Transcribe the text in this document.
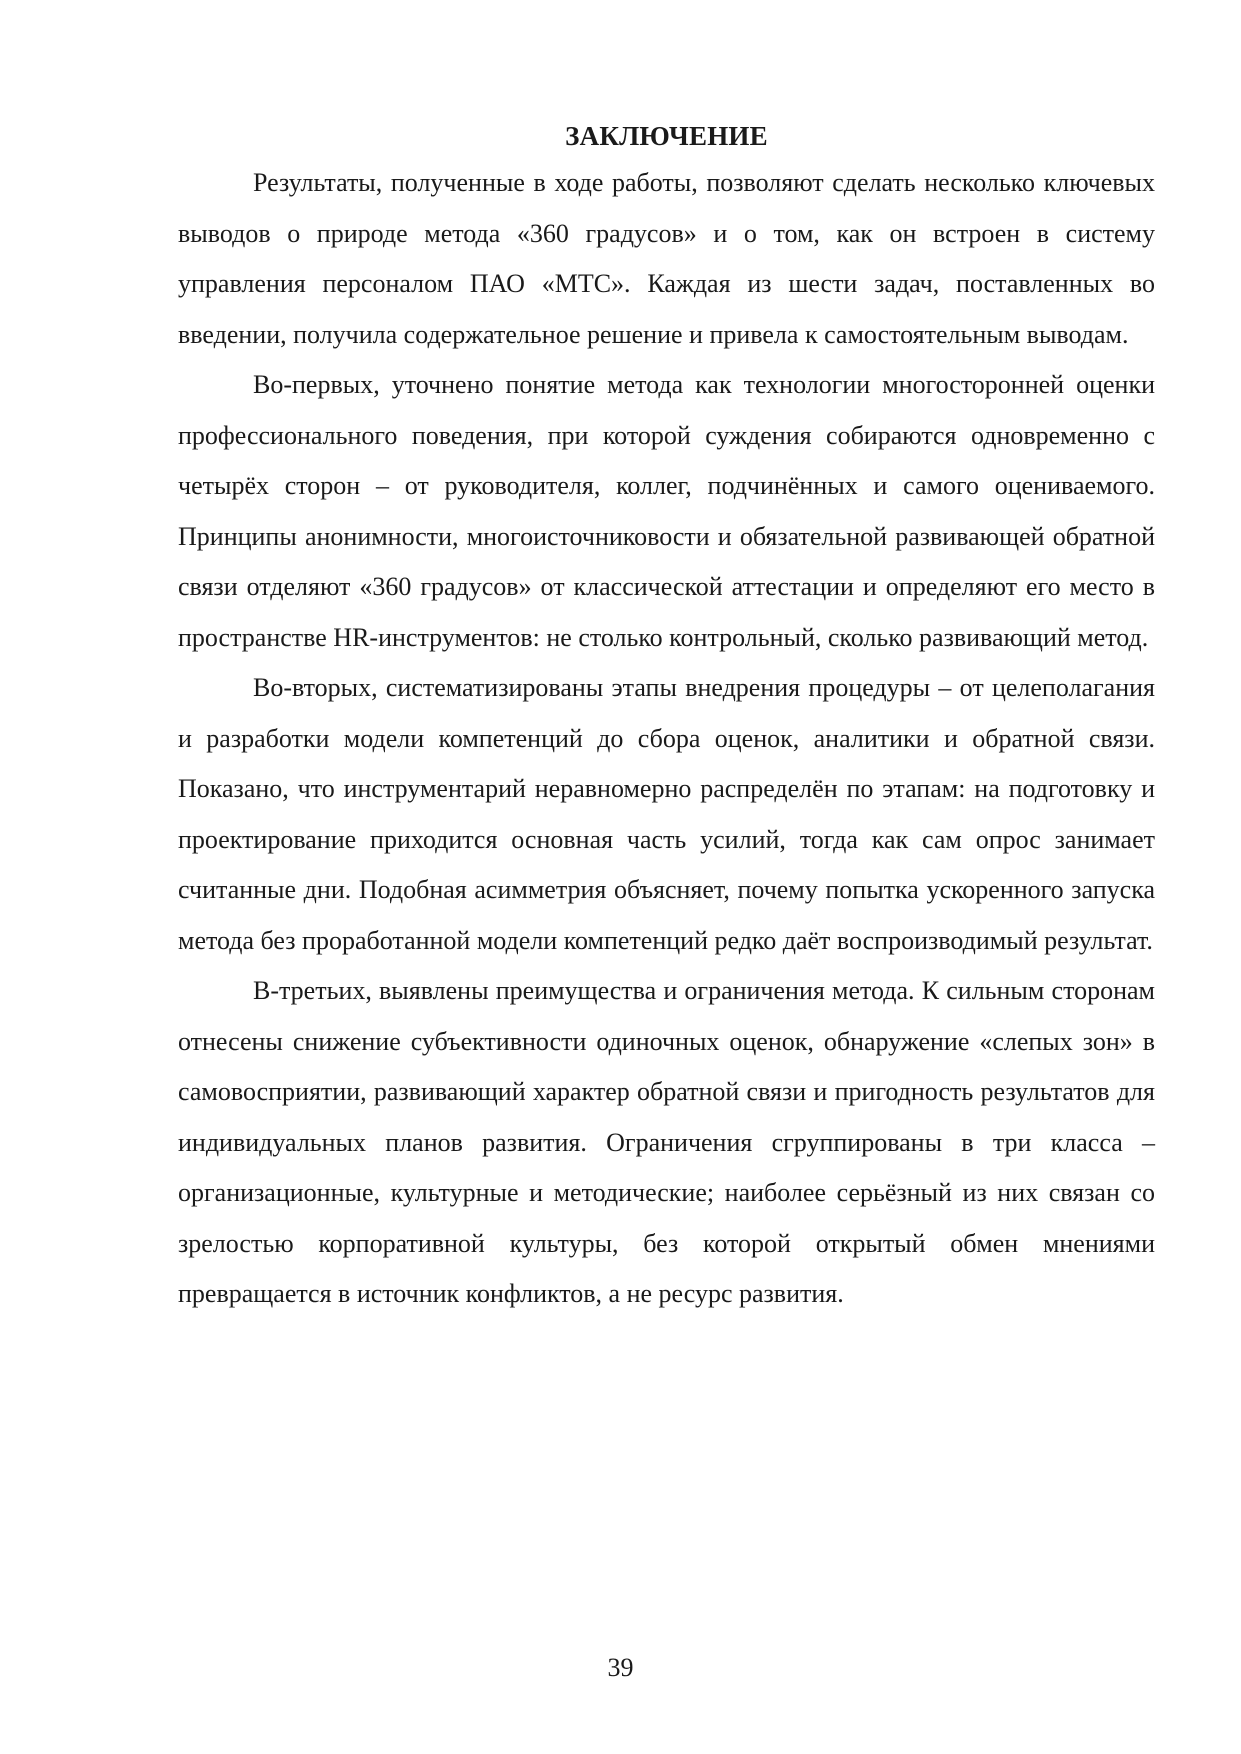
ЗАКЛЮЧЕНИЕ

Результаты, полученные в ходе работы, позволяют сделать несколько ключевых выводов о природе метода «360 градусов» и о том, как он встроен в систему управления персоналом ПАО «МТС». Каждая из шести задач, поставленных во введении, получила содержательное решение и привела к самостоятельным выводам.

Во-первых, уточнено понятие метода как технологии многосторонней оценки профессионального поведения, при которой суждения собираются одновременно с четырёх сторон – от руководителя, коллег, подчинённых и самого оцениваемого. Принципы анонимности, многоисточниковости и обязательной развивающей обратной связи отделяют «360 градусов» от классической аттестации и определяют его место в пространстве HR-инструментов: не столько контрольный, сколько развивающий метод.

Во-вторых, систематизированы этапы внедрения процедуры – от целеполагания и разработки модели компетенций до сбора оценок, аналитики и обратной связи. Показано, что инструментарий неравномерно распределён по этапам: на подготовку и проектирование приходится основная часть усилий, тогда как сам опрос занимает считанные дни. Подобная асимметрия объясняет, почему попытка ускоренного запуска метода без проработанной модели компетенций редко даёт воспроизводимый результат.

В-третьих, выявлены преимущества и ограничения метода. К сильным сторонам отнесены снижение субъективности одиночных оценок, обнаружение «слепых зон» в самовосприятии, развивающий характер обратной связи и пригодность результатов для индивидуальных планов развития. Ограничения сгруппированы в три класса – организационные, культурные и методические; наиболее серьёзный из них связан со зрелостью корпоративной культуры, без которой открытый обмен мнениями превращается в источник конфликтов, а не ресурс развития.

39
